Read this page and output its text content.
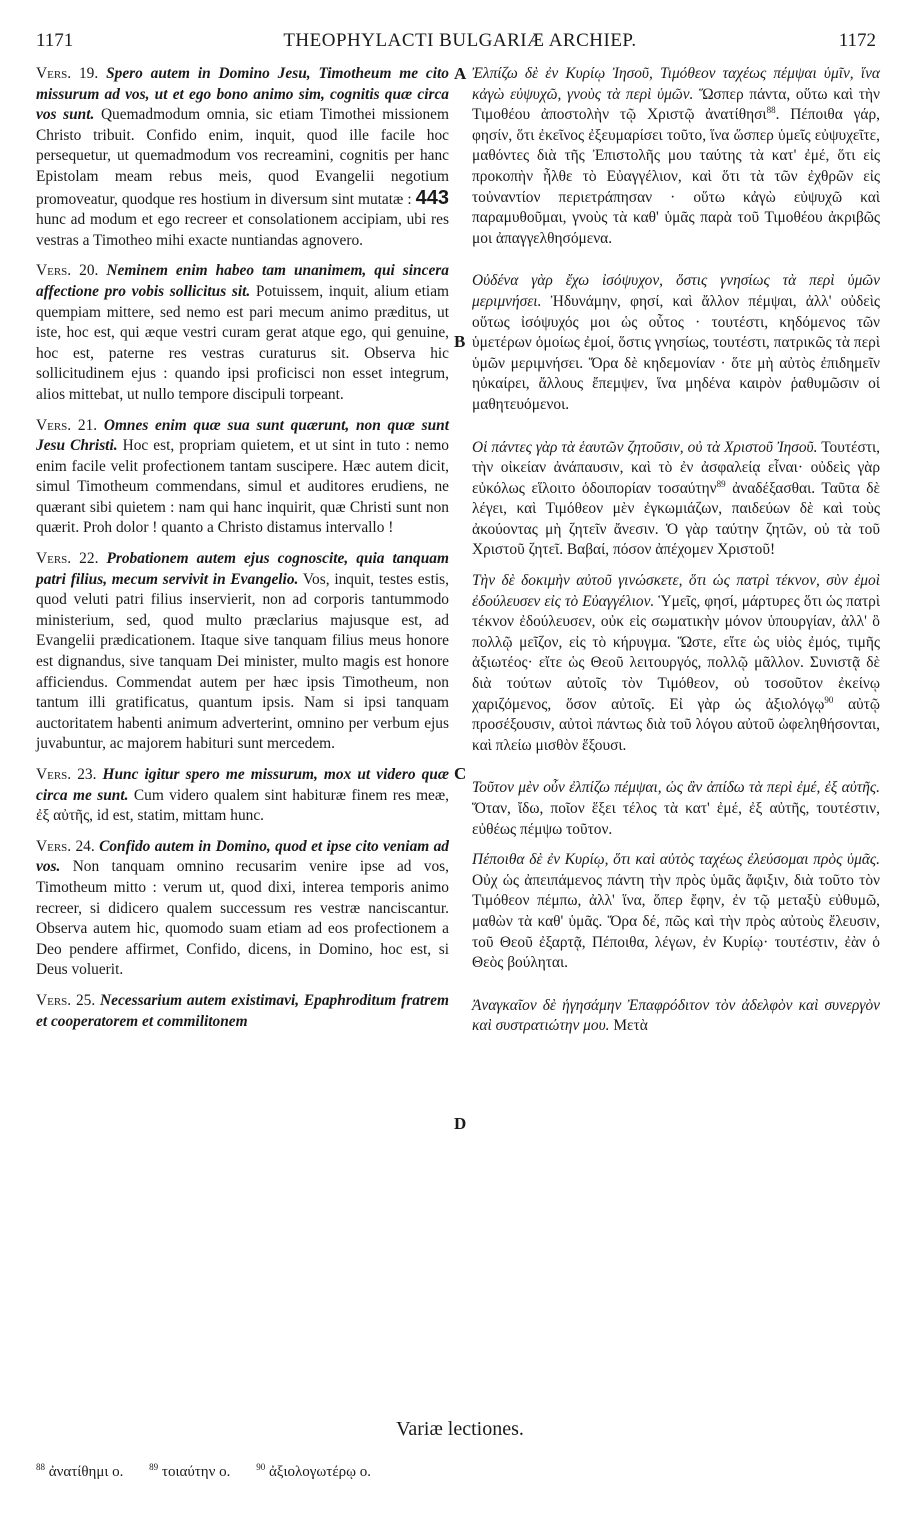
1171	THEOPHYLACTI BULGARIÆ ARCHIEP.	1172
A
B
C
D

Vers. 19. Spero autem in Domino Jesu, Timotheum me cito missurum ad vos, ut et ego bono animo sim, cognitis quæ circa vos sunt. Quemadmodum omnia, sic etiam Timothei missionem Christo tribuit. Confido enim, inquit, quod ille facile hoc persequetur, ut quemadmodum vos recreamini, cognitis per hanc Epistolam meam rebus meis, quod Evangelii negotium promoveatur, quodque res hostium in diversum sint mutatæ : 443 hunc ad modum et ego recreer et consolationem accipiam, ubi res vestras a Timotheo mihi exacte nuntiandas agnovero.

Vers. 20. Neminem enim habeo tam unanimem, qui sincera affectione pro vobis sollicitus sit. Potuissem, inquit, alium etiam quempiam mittere, sed nemo est pari mecum animo præditus, ut iste, hoc est, qui æque vestri curam gerat atque ego, qui genuine, hoc est, paterne res vestras curaturus sit. Observa hic sollicitudinem ejus : quando ipsi proficisci non esset integrum, alios mittebat, ut nullo tempore discipuli torpeant.

Vers. 21. Omnes enim quæ sua sunt quærunt, non quæ sunt Jesu Christi. Hoc est, propriam quietem, et ut sint in tuto : nemo enim facile velit profectionem tantam suscipere. Hæc autem dicit, simul Timotheum commendans, simul et auditores erudiens, ne quærant sibi quietem : nam qui hanc inquirit, quæ Christi sunt non quærit. Proh dolor ! quanto a Christo distamus intervallo !

Vers. 22. Probationem autem ejus cognoscite, quia tanquam patri filius, mecum servivit in Evangelio. Vos, inquit, testes estis, quod veluti patri filius inservierit, non ad corporis tantummodo ministerium, sed, quod multo præclarius majusque est, ad Evangelii prædicationem. Itaque sive tanquam filius meus honore est dignandus, sive tanquam Dei minister, multo magis est honore afficiendus. Commendat autem per hæc ipsis Timotheum, non tantum illi gratificatus, quantum ipsis. Nam si ipsi tanquam auctoritatem habenti animum adverterint, omnino per verbum ejus juvabuntur, ac majorem habituri sunt mercedem.

Vers. 23. Hunc igitur spero me missurum, mox ut videro quæ circa me sunt. Cum videro qualem sint habituræ finem res meæ, ἐξ αὐτῆς, id est, statim, mittam hunc.

Vers. 24. Confido autem in Domino, quod et ipse cito veniam ad vos. Non tanquam omnino recusarim venire ipse ad vos, Timotheum mitto : verum ut, quod dixi, interea temporis animo recreer, si didicero qualem successum res vestræ nanciscantur. Observa autem hic, quomodo suam etiam ad eos profectionem a Deo pendere affirmet, Confido, dicens, in Domino, hoc est, si Deus voluerit.

Vers. 25. Necessarium autem existimavi, Epaphroditum fratrem et cooperatorem et commilitonem

Ἐλπίζω δὲ ἐν Κυρίῳ Ἰησοῦ, Τιμόθεον ταχέως πέμψαι ὑμῖν, ἵνα κἀγὼ εὐψυχῶ, γνοὺς τὰ περὶ ὑμῶν. Ὥσπερ πάντα, οὕτω καὶ τὴν Τιμοθέου ἀποστολὴν τῷ Χριστῷ ἀνατίθησι$^{88}$. Πέποιθα γάρ, φησίν, ὅτι ἐκεῖνος ἐξευμαρίσει τοῦτο, ἵνα ὥσπερ ὑμεῖς εὐψυχεῖτε, μαθόντες διὰ τῆς Ἐπιστολῆς μου ταύτης τὰ κατ' ἐμέ, ὅτι εἰς προκοπὴν ἦλθε τὸ Εὐαγγέλιον, καὶ ὅτι τὰ τῶν ἐχθρῶν εἰς τοὐναντίον περιετράπησαν · οὕτω κἀγὼ εὐψυχῶ καὶ παραμυθοῦμαι, γνοὺς τὰ καθ' ὑμᾶς παρὰ τοῦ Τιμοθέου ἀκριβῶς μοι ἀπαγγελθησόμενα.

Οὐδένα γὰρ ἔχω ἰσόψυχον, ὅστις γνησίως τὰ περὶ ὑμῶν μεριμνήσει. Ἠδυνάμην, φησί, καὶ ἄλλον πέμψαι, ἀλλ' οὐδεὶς οὕτως ἰσόψυχός μοι ὡς οὗτος · τουτέστι, κηδόμενος τῶν ὑμετέρων ὁμοίως ἐμοί, ὅστις γνησίως, τουτέστι, πατρικῶς τὰ περὶ ὑμῶν μεριμνήσει. Ὅρα δὲ κηδεμονίαν · ὅτε μὴ αὐτὸς ἐπιδημεῖν ηὐκαίρει, ἄλλους ἔπεμψεν, ἵνα μηδένα καιρὸν ῥαθυμῶσιν οἱ μαθητευόμενοι.

Οἱ πάντες γὰρ τὰ ἑαυτῶν ζητοῦσιν, οὐ τὰ Χριστοῦ Ἰησοῦ. Τουτέστι, τὴν οἰκείαν ἀνάπαυσιν, καὶ τὸ ἐν ἀσφαλείᾳ εἶναι· οὐδεὶς γὰρ εὐκόλως εἵλοιτο ὁδοιπορίαν τοσαύτην$^{89}$ ἀναδέξασθαι. Ταῦτα δὲ λέγει, καὶ Τιμόθεον μὲν ἐγκωμιάζων, παιδεύων δὲ καὶ τοὺς ἀκούοντας μὴ ζητεῖν ἄνεσιν. Ὁ γὰρ ταύτην ζητῶν, οὐ τὰ τοῦ Χριστοῦ ζητεῖ. Βαβαί, πόσον ἀπέχομεν Χριστοῦ!

Τὴν δὲ δοκιμὴν αὐτοῦ γινώσκετε, ὅτι ὡς πατρὶ τέκνον, σὺν ἐμοὶ ἐδούλευσεν εἰς τὸ Εὐαγγέλιον. Ὑμεῖς, φησί, μάρτυρες ὅτι ὡς πατρὶ τέκνον ἐδούλευσεν, οὐκ εἰς σωματικὴν μόνον ὑπουργίαν, ἀλλ' ὃ πολλῷ μεῖζον, εἰς τὸ κήρυγμα. Ὥστε, εἴτε ὡς υἱὸς ἐμός, τιμῆς ἀξιωτέος· εἴτε ὡς Θεοῦ λειτουργός, πολλῷ μᾶλλον. Συνιστᾷ δὲ διὰ τούτων αὐτοῖς τὸν Τιμόθεον, οὐ τοσοῦτον ἐκείνῳ χαριζόμενος, ὅσον αὐτοῖς. Εἰ γὰρ ὡς ἀξιολόγῳ$^{90}$ αὐτῷ προσέξουσιν, αὐτοὶ πάντως διὰ τοῦ λόγου αὐτοῦ ὠφεληθήσονται, καὶ πλείω μισθὸν ἕξουσι.

Τοῦτον μὲν οὖν ἐλπίζω πέμψαι, ὡς ἂν ἀπίδω τὰ περὶ ἐμέ, ἐξ αὐτῆς. Ὅταν, ἴδω, ποῖον ἕξει τέλος τὰ κατ' ἐμέ, ἐξ αὐτῆς, τουτέστιν, εὐθέως πέμψω τοῦτον.

Πέποιθα δὲ ἐν Κυρίῳ, ὅτι καὶ αὐτὸς ταχέως ἐλεύσομαι πρὸς ὑμᾶς. Οὐχ ὡς ἀπειπάμενος πάντη τὴν πρὸς ὑμᾶς ἄφιξιν, διὰ τοῦτο τὸν Τιμόθεον πέμπω, ἀλλ' ἵνα, ὅπερ ἔφην, ἐν τῷ μεταξὺ εὐθυμῶ, μαθὼν τὰ καθ' ὑμᾶς. Ὅρα δέ, πῶς καὶ τὴν πρὸς αὐτοὺς ἔλευσιν, τοῦ Θεοῦ ἐξαρτᾷ, Πέποιθα, λέγων, ἐν Κυρίῳ· τουτέστιν, ἐὰν ὁ Θεὸς βούληται.

Ἀναγκαῖον δὲ ἡγησάμην Ἐπαφρόδιτον τὸν ἀδελφὸν καὶ συνεργὸν καὶ συστρατιώτην μου. Μετὰ

Variæ lectiones.
$^{88}$ ἀνατίθημι ο.	$^{89}$ τοιαύτην ο.	$^{90}$ ἀξιολογωτέρῳ ο.
